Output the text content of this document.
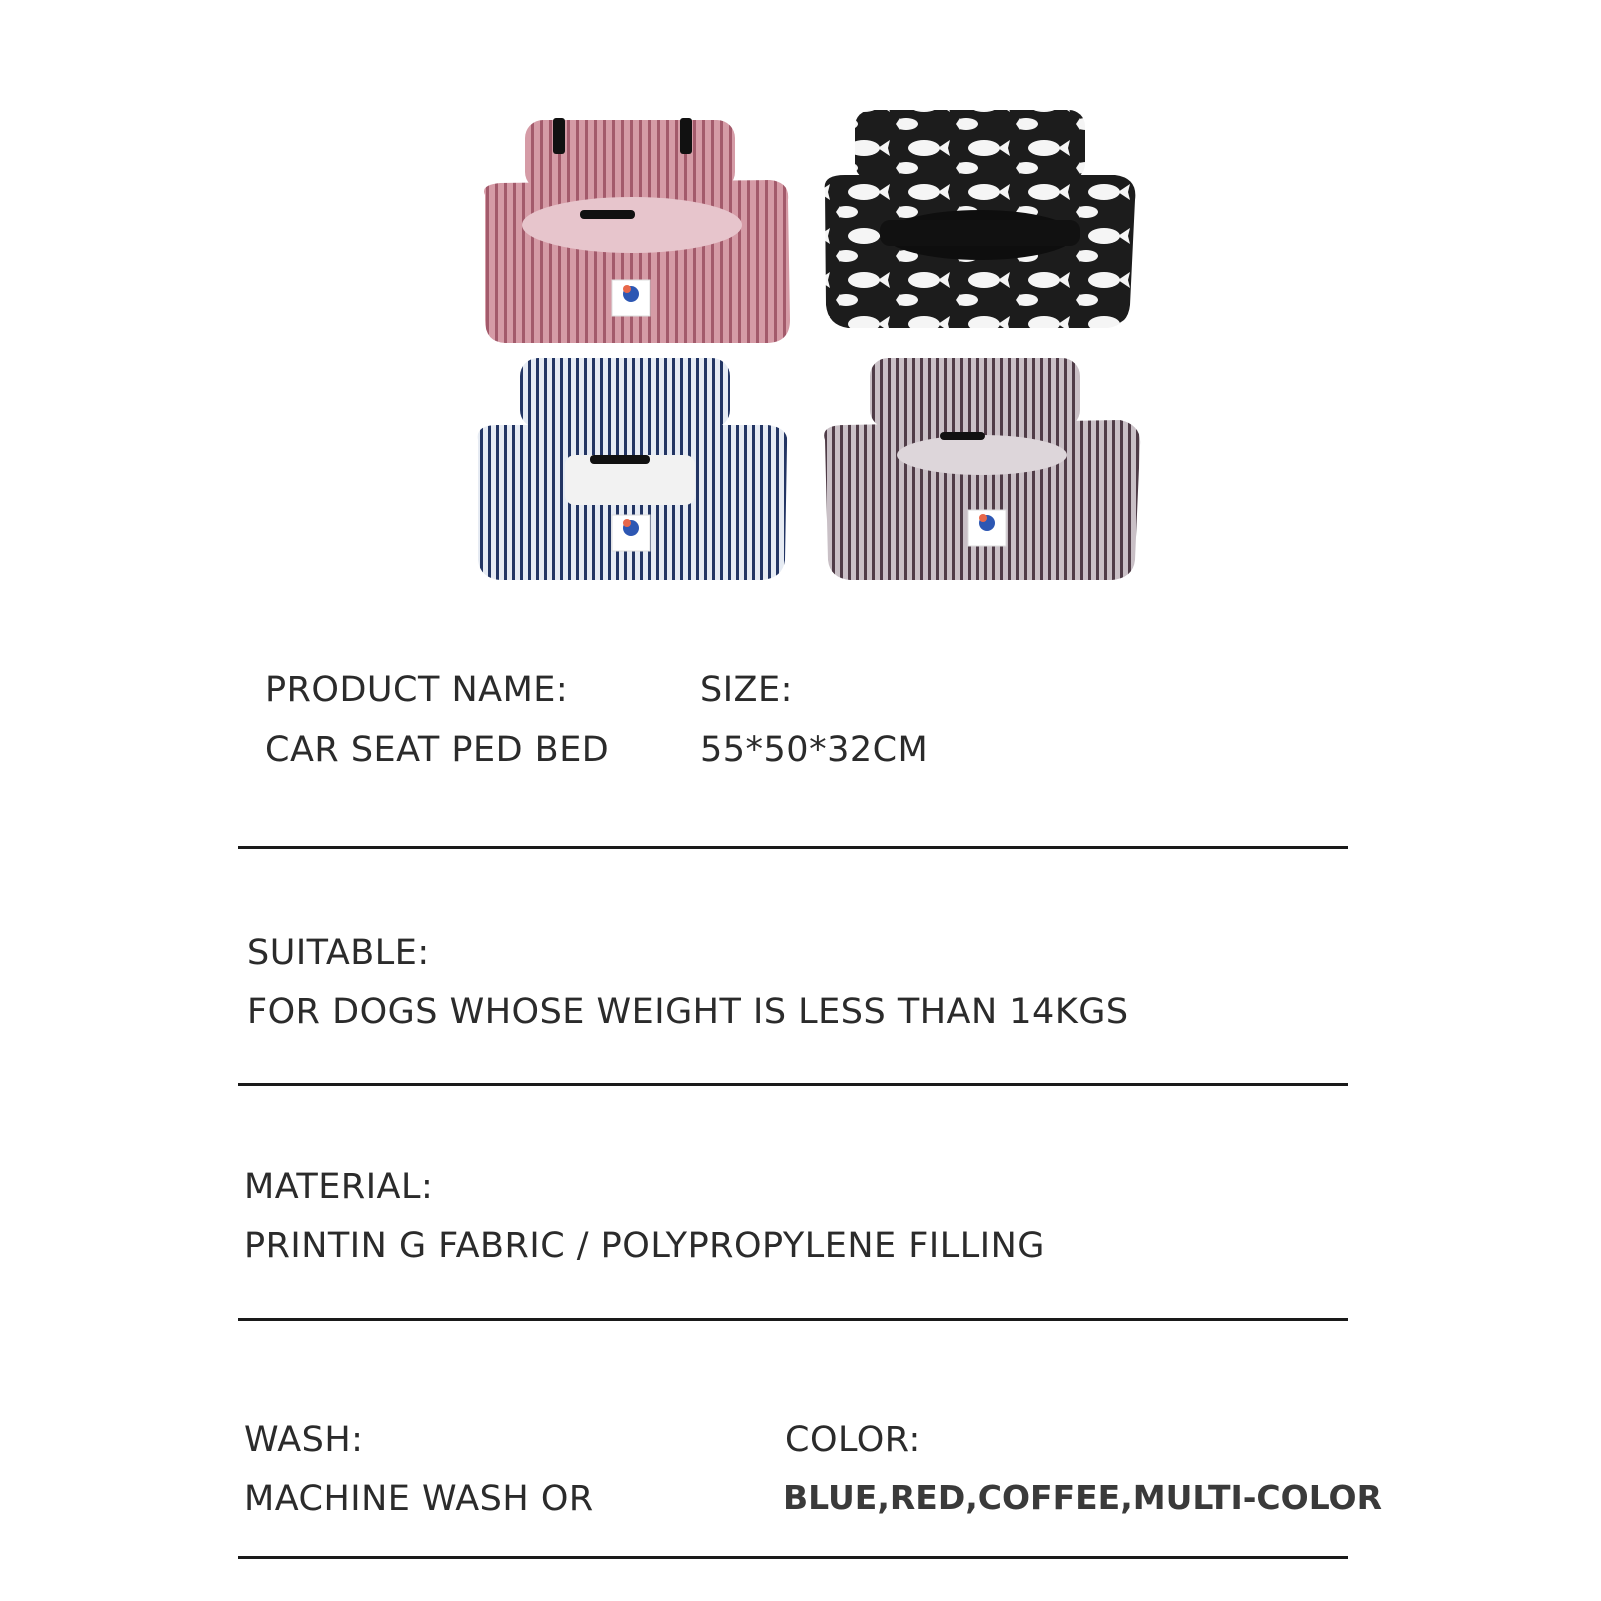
PRODUCT NAME:
CAR SEAT PED BED
SIZE:
55*50*32CM
SUITABLE:
FOR DOGS WHOSE WEIGHT IS LESS THAN 14KGS
MATERIAL:
PRINTIN G FABRIC / POLYPROPYLENE FILLING
WASH:
MACHINE WASH OR
COLOR:
BLUE,RED,COFFEE,MULTI-COLOR
